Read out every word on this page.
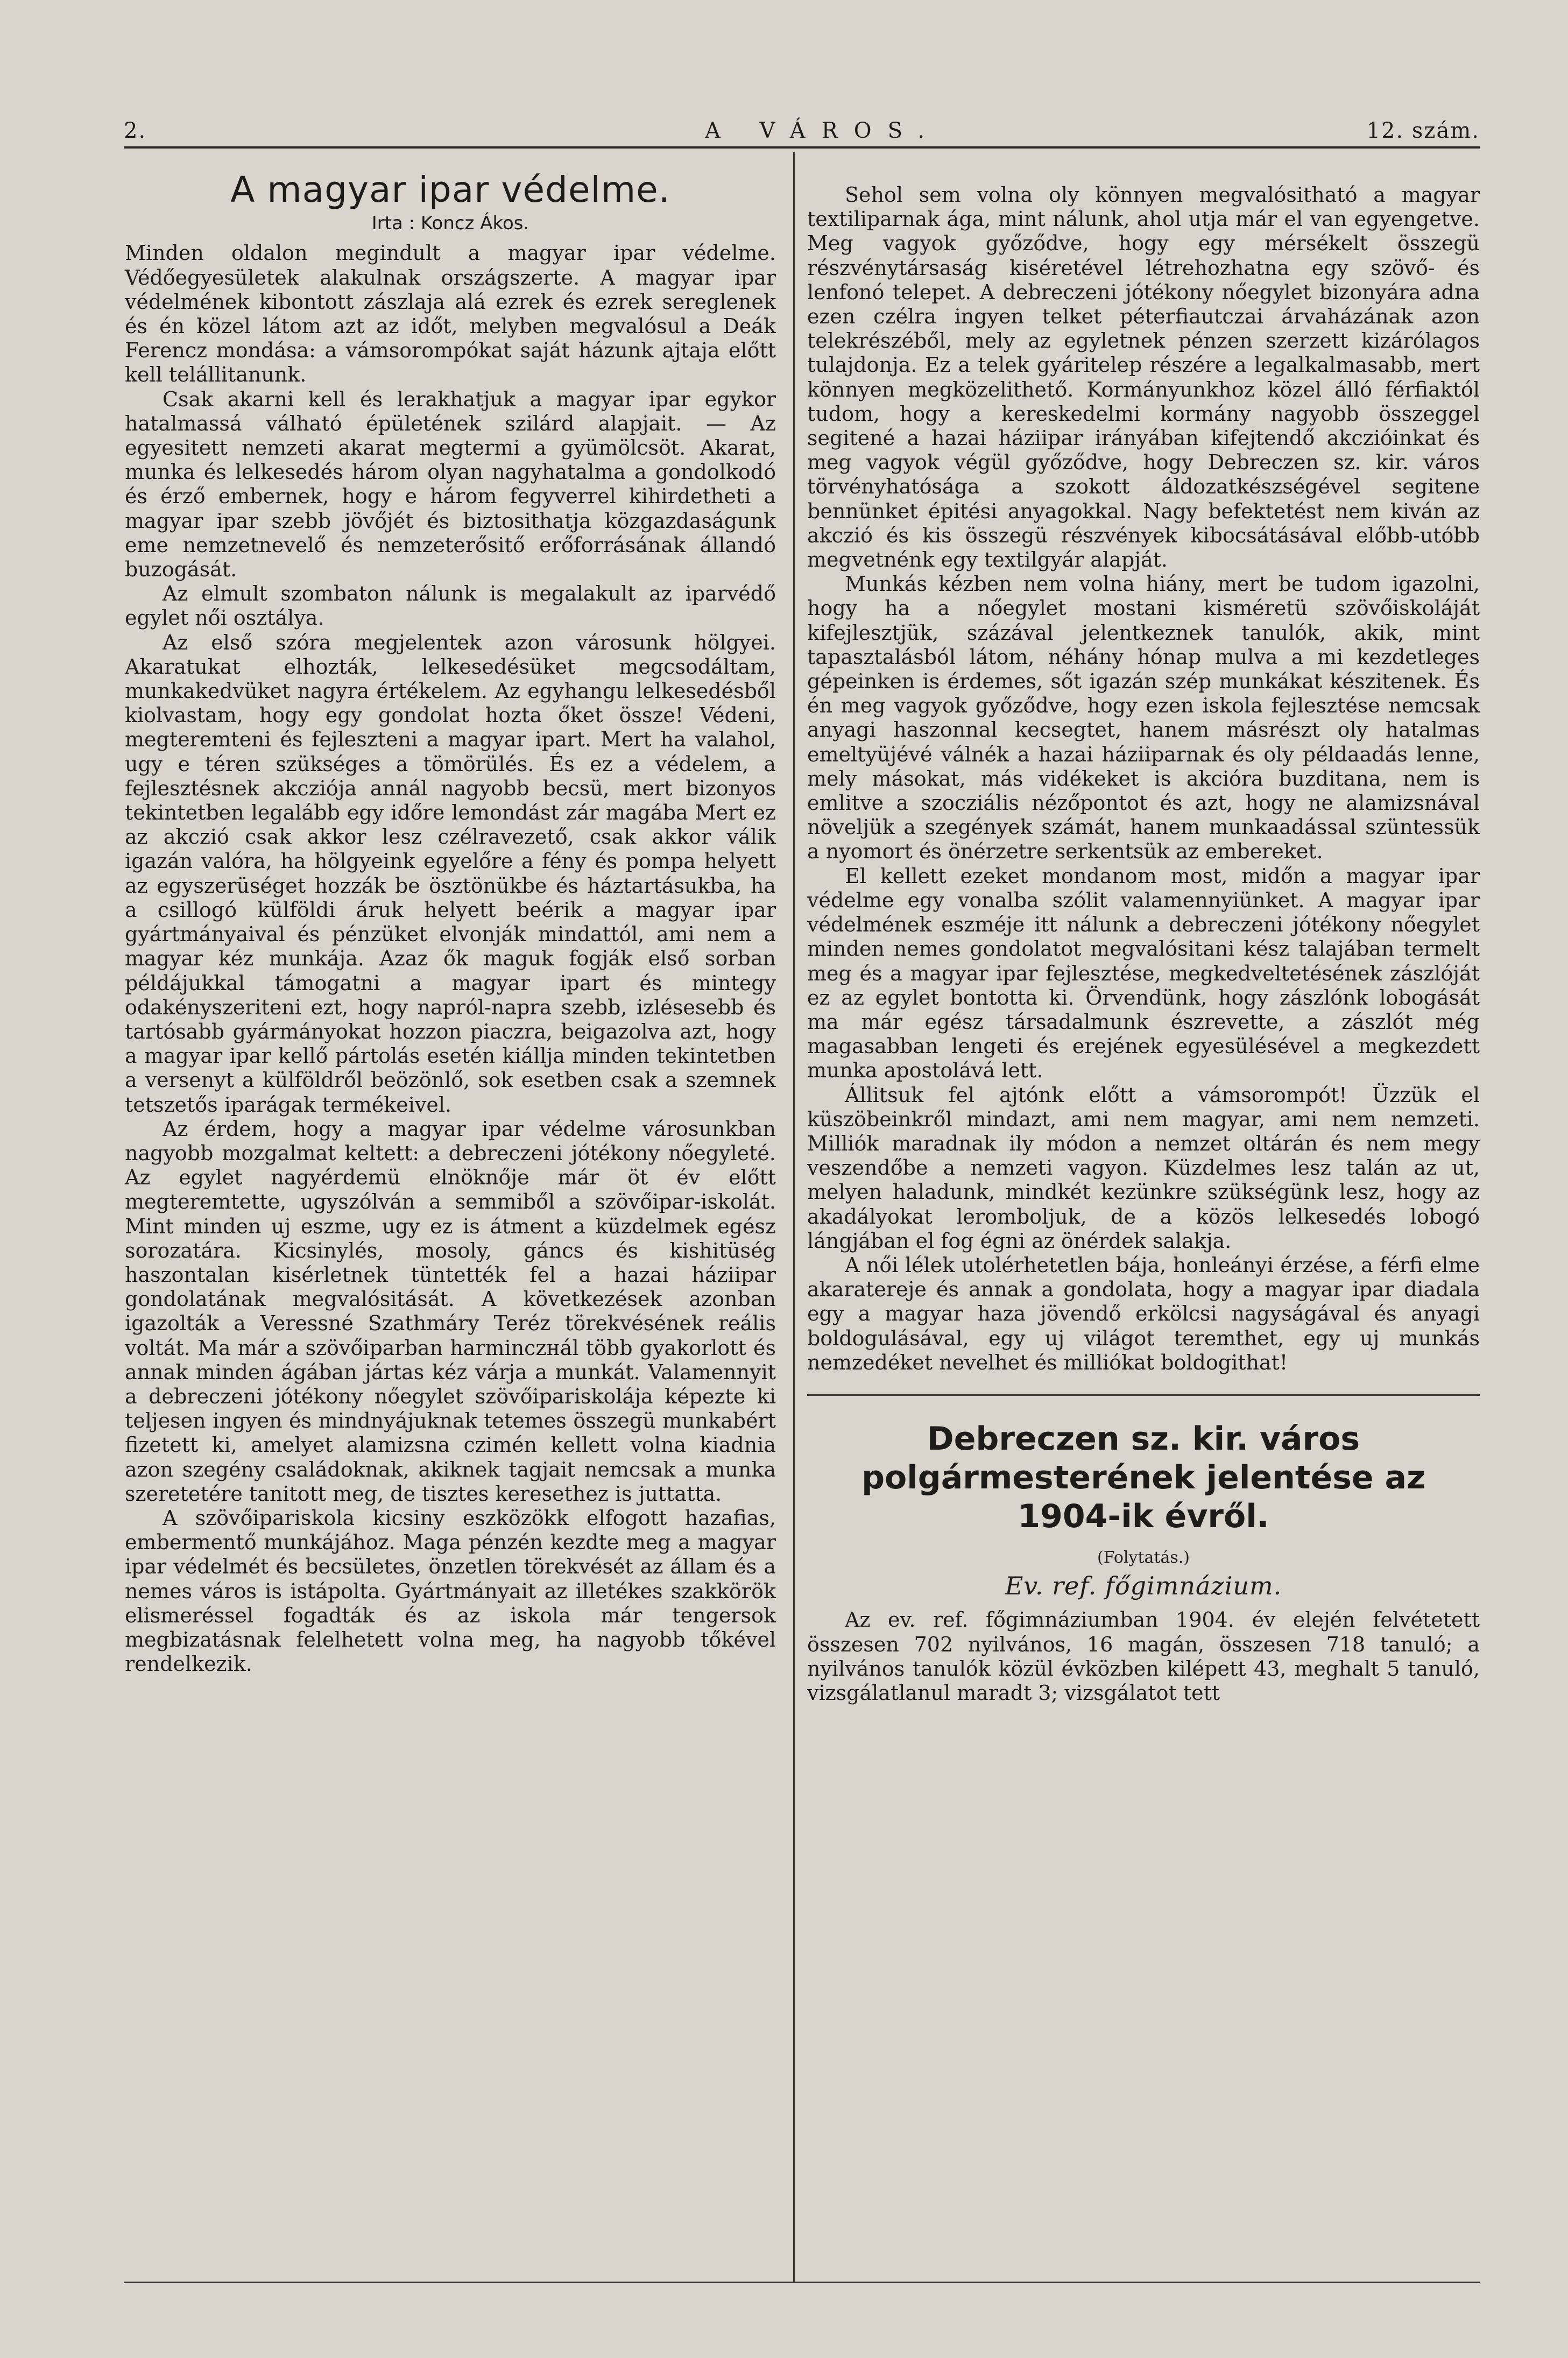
2.	A VÁROS.	12. szám.
A magyar ipar védelme.
Irta : Koncz Ákos.

Minden oldalon megindult a magyar ipar védelme. Védőegyesületek alakulnak országszerte. A magyar ipar védelmének kibontott zászlaja alá ezrek és ezrek sereglenek és én közel látom azt az időt, melyben megvalósul a Deák Ferencz mondása: a vámsorompókat saját házunk ajtaja előtt kell telállitanunk.

Csak akarni kell és lerakhatjuk a magyar ipar egykor hatalmassá válható épületének szilárd alapjait. — Az egyesitett nemzeti akarat megtermi a gyümölcsöt. Akarat, munka és lelkesedés három olyan nagyhatalma a gondolkodó és érző embernek, hogy e három fegyverrel kihirdetheti a magyar ipar szebb jövőjét és biztosithatja közgazdaságunk eme nemzetnevelő és nemzeterősitő erőforrásának állandó buzogását.

Az elmult szombaton nálunk is megalakult az iparvédő egylet női osztálya.

Az első szóra megjelentek azon városunk hölgyei. Akaratukat elhozták, lelkesedésüket megcsodáltam, munkakedvüket nagyra értékelem. Az egyhangu lelkesedésből kiolvastam, hogy egy gondolat hozta őket össze! Védeni, megteremteni és fejleszteni a magyar ipart. Mert ha valahol, ugy e téren szükséges a tömörülés. És ez a védelem, a fejlesztésnek akcziója annál nagyobb becsü, mert bizonyos tekintetben legalább egy időre lemondást zár magába Mert ez az akczió csak akkor lesz czélravezető, csak akkor válik igazán valóra, ha hölgyeink egyelőre a fény és pompa helyett az egyszerüséget hozzák be ösztönükbe és háztartásukba, ha a csillogó külföldi áruk helyett beérik a magyar ipar gyártmányaival és pénzüket elvonják mindattól, ami nem a magyar kéz munkája. Azaz ők maguk fogják első sorban példájukkal támogatni a magyar ipart és mintegy odakényszeriteni ezt, hogy napról-napra szebb, izlésesebb és tartósabb gyármányokat hozzon piaczra, beigazolva azt, hogy a magyar ipar kellő pártolás esetén kiállja minden tekintetben a versenyt a külföldről beözönlő, sok esetben csak a szemnek tetszetős iparágak termékeivel.

Az érdem, hogy a magyar ipar védelme városunkban nagyobb mozgalmat keltett: a debreczeni jótékony nőegyleté. Az egylet nagyérdemü elnöknője már öt év előtt megteremtette, ugyszólván a semmiből a szövőipar-iskolát. Mint minden uj eszme, ugy ez is átment a küzdelmek egész sorozatára. Kicsinylés, mosoly, gáncs és kishitüség haszontalan kisérletnek tüntették fel a hazai háziipar gondolatának megvalósitását. A következések azonban igazolták a Veressné Szathmáry Teréz törekvésének reális voltát. Ma már a szövőiparban harminczнál több gyakorlott és annak minden ágában jártas kéz várja a munkát. Valamennyit a debreczeni jótékony nőegylet szövőipariskolája képezte ki teljesen ingyen és mindnyájuknak tetemes összegü munkabért fizetett ki, amelyet alamizsna czimén kellett volna kiadnia azon szegény családoknak, akiknek tagjait nemcsak a munka szeretetére tanitott meg, de tisztes keresethez is juttatta.

A szövőipariskola kicsiny eszközökk elfogott hazafias, embermentő munkájához. Maga pénzén kezdte meg a magyar ipar védelmét és becsületes, önzetlen törekvését az állam és a nemes város is istápolta. Gyártmányait az illetékes szakkörök elismeréssel fogadták és az iskola már tengersok megbizatásnak felelhetett volna meg, ha nagyobb tőkével rendelkezik.

Sehol sem volna oly könnyen megvalósitható a magyar textiliparnak ága, mint nálunk, ahol utja már el van egyengetve. Meg vagyok győződve, hogy egy mérsékelt összegü részvénytársaság kiséretével létrehozhatna egy szövő- és lenfonó telepet. A debreczeni jótékony nőegylet bizonyára adna ezen czélra ingyen telket péterfiautczai árvaházának azon telekrészéből, mely az egyletnek pénzen szerzett kizárólagos tulajdonja. Ez a telek gyáritelep részére a legalkalmasabb, mert könnyen megközelithető. Kormányunkhoz közel álló férfiaktól tudom, hogy a kereskedelmi kormány nagyobb összeggel segitené a hazai háziipar irányában kifejtendő akczióinkat és meg vagyok végül győződve, hogy Debreczen sz. kir. város törvényhatósága a szokott áldozatkészségével segitene bennünket épitési anyagokkal. Nagy befektetést nem kiván az akczió és kis összegü részvények kibocsátásával előbb-utóbb megvetnénk egy textilgyár alapját.

Munkás kézben nem volna hiány, mert be tudom igazolni, hogy ha a nőegylet mostani kisméretü szövőiskoláját kifejlesztjük, százával jelentkeznek tanulók, akik, mint tapasztalásból látom, néhány hónap mulva a mi kezdetleges gépeinken is érdemes, sőt igazán szép munkákat készitenek. És én meg vagyok győződve, hogy ezen iskola fejlesztése nemcsak anyagi haszonnal kecsegtet, hanem másrészt oly hatalmas emeltyüjévé válnék a hazai háziiparnak és oly példaadás lenne, mely másokat, más vidékeket is akcióra buzditana, nem is emlitve a szocziális nézőpontot és azt, hogy ne alamizsnával növeljük a szegények számát, hanem munkaadással szüntessük a nyomort és önérzetre serkentsük az embereket.

El kellett ezeket mondanom most, midőn a magyar ipar védelme egy vonalba szólit valamennyiünket. A magyar ipar védelmének eszméje itt nálunk a debreczeni jótékony nőegylet minden nemes gondolatot megvalósitani kész talajában termelt meg és a magyar ipar fejlesztése, megkedveltetésének zászlóját ez az egylet bontotta ki. Örvendünk, hogy zászlónk lobogását ma már egész társadalmunk észrevette, a zászlót még magasabban lengeti és erejének egyesülésével a megkezdett munka apostolává lett.

Állitsuk fel ajtónk előtt a vámsorompót! Üzzük el küszöbeinkről mindazt, ami nem magyar, ami nem nemzeti. Milliók maradnak ily módon a nemzet oltárán és nem megy veszendőbe a nemzeti vagyon. Küzdelmes lesz talán az ut, melyen haladunk, mindkét kezünkre szükségünk lesz, hogy az akadályokat leromboljuk, de a közös lelkesedés lobogó lángjában el fog égni az önérdek salakja.

A női lélek utolérhetetlen bája, honleányi érzése, a férfi elme akaratereje és annak a gondolata, hogy a magyar ipar diadala egy a magyar haza jövendő erkölcsi nagyságával és anyagi boldogulásával, egy uj világot teremthet, egy uj munkás nemzedéket nevelhet és milliókat boldogithat!

Debreczen sz. kir. város polgármesterének jelentése az 1904-ik évről.
(Folytatás.)
Ev. ref. főgimnázium.

Az ev. ref. főgimnáziumban 1904. év elején felvétetett összesen 702 nyilvános, 16 magán, összesen 718 tanuló; a nyilvános tanulók közül évközben kilépett 43, meghalt 5 tanuló, vizsgálatlanul maradt 3; vizsgálatot tett
